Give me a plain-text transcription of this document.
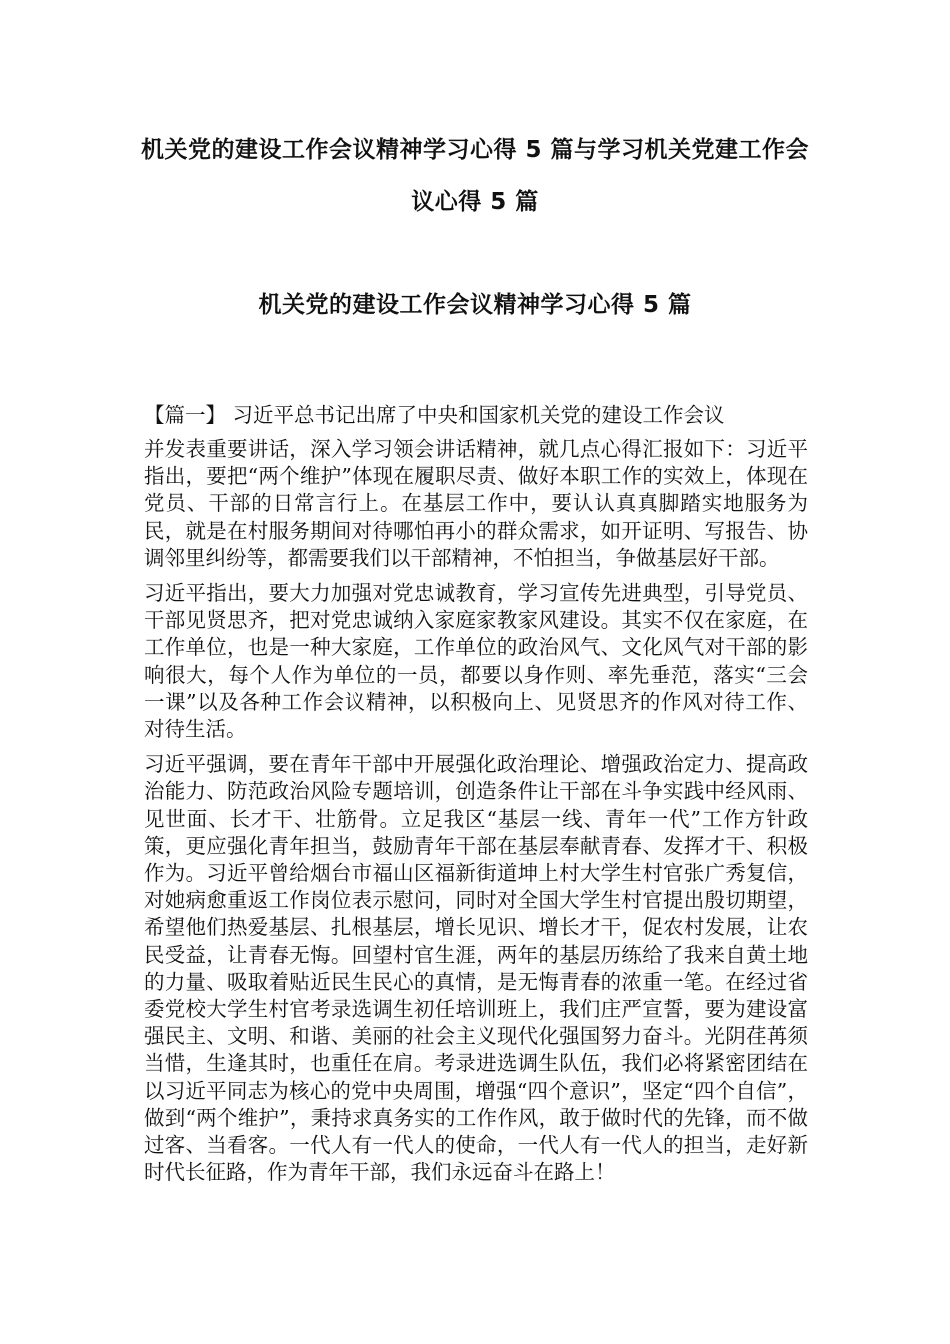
机关党的建设工作会议精神学习心得 5 篇与学习机关党建工作会
议心得 5 篇
机关党的建设工作会议精神学习心得 5 篇

【篇一】 习近平总书记出席了中央和国家机关党的建设工作会议
并发表重要讲话，深入学习领会讲话精神，就几点心得汇报如下：习近平指出，要把“两个维护”体现在履职尽责、做好本职工作的实效上，体现在党员、干部的日常言行上。在基层工作中，要认认真真脚踏实地服务为民，就是在村服务期间对待哪怕再小的群众需求，如开证明、写报告、协调邻里纠纷等，都需要我们以干部精神，不怕担当，争做基层好干部。

习近平指出，要大力加强对党忠诚教育，学习宣传先进典型，引导党员、干部见贤思齐，把对党忠诚纳入家庭家教家风建设。其实不仅在家庭，在工作单位，也是一种大家庭，工作单位的政治风气、文化风气对干部的影响很大，每个人作为单位的一员，都要以身作则、率先垂范，落实“三会一课”以及各种工作会议精神，以积极向上、见贤思齐的作风对待工作、对待生活。

习近平强调，要在青年干部中开展强化政治理论、增强政治定力、提高政治能力、防范政治风险专题培训，创造条件让干部在斗争实践中经风雨、见世面、长才干、壮筋骨。立足我区“基层一线、青年一代”工作方针政策，更应强化青年担当，鼓励青年干部在基层奉献青春、发挥才干、积极作为。习近平曾给烟台市福山区福新街道坤上村大学生村官张广秀复信，对她病愈重返工作岗位表示慰问，同时对全国大学生村官提出殷切期望，希望他们热爱基层、扎根基层，增长见识、增长才干，促农村发展，让农民受益，让青春无悔。回望村官生涯，两年的基层历练给了我来自黄土地的力量、吸取着贴近民生民心的真情，是无悔青春的浓重一笔。在经过省委党校大学生村官考录选调生初任培训班上，我们庄严宣誓，要为建设富强民主、文明、和谐、美丽的社会主义现代化强国努力奋斗。光阴荏苒须当惜，生逢其时，也重任在肩。考录进选调生队伍，我们必将紧密团结在以习近平同志为核心的党中央周围，增强“四个意识”，坚定“四个自信”，做到“两个维护”，秉持求真务实的工作作风，敢于做时代的先锋，而不做过客、当看客。一代人有一代人的使命，一代人有一代人的担当，走好新时代长征路，作为青年干部，我们永远奋斗在路上！
